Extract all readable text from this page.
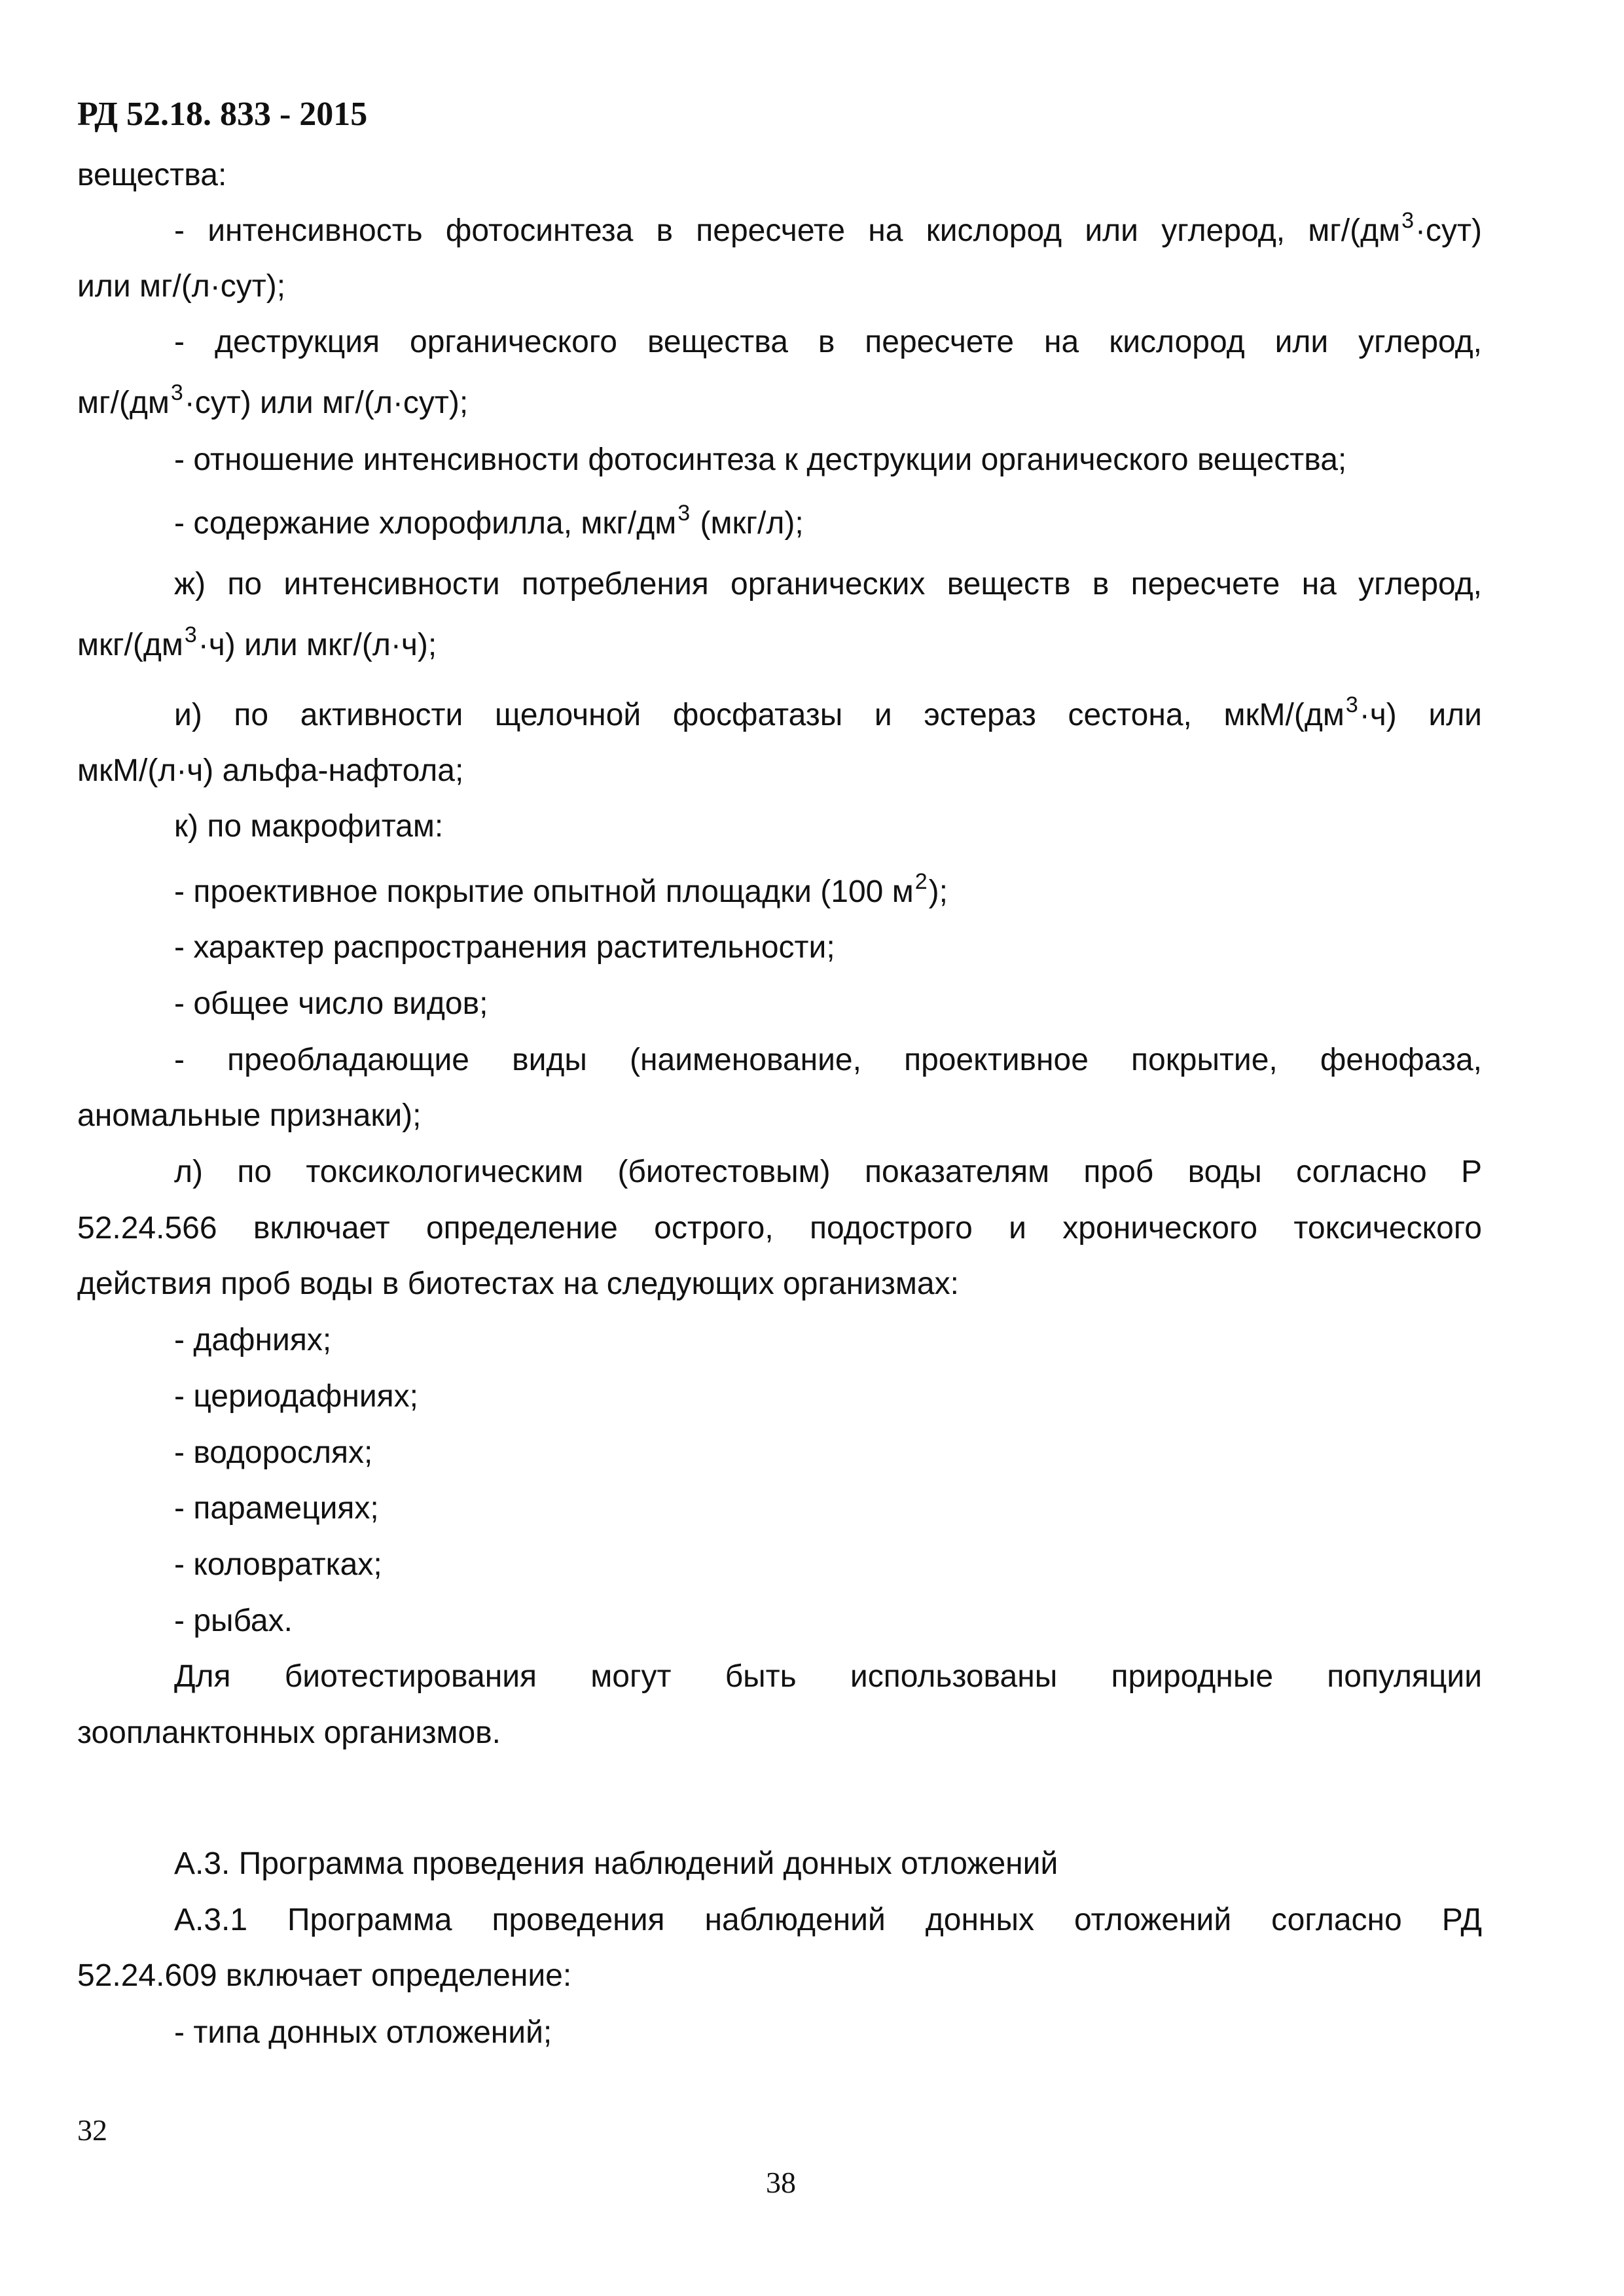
РД 52.18. 833 - 2015
вещества:
- интенсивность фотосинтеза в пересчете на кислород или углерод, $мг/(дм^3\cdot сут)$
или мг/(л·сут);
- деструкция органического вещества в пересчете на кислород или углерод,
$мг/(дм^3\cdot сут)$ или мг/(л·сут);
- отношение интенсивности фотосинтеза к деструкции органического вещества;
- содержание хлорофилла, мкг/$дм^3$ (мкг/л);
ж) по интенсивности потребления органических веществ в пересчете на углерод,
мкг/$(дм^3\cdot ч)$ или мкг/(л·ч);
и) по активности щелочной фосфатазы и эстераз сестона, мкМ/$(дм^3\cdot ч)$ или
мкМ/(л·ч) альфа-нафтола;
к) по макрофитам:
- проективное покрытие опытной площадки (100 $м^2$);
- характер распространения растительности;
- общее число видов;
- преобладающие виды (наименование, проективное покрытие, фенофаза,
аномальные признаки);
л) по токсикологическим (биотестовым) показателям проб воды согласно Р
52.24.566 включает определение острого, подострого и хронического токсического
действия проб воды в биотестах на следующих организмах:
- дафниях;
- цериодафниях;
- водорослях;
- парамециях;
- коловратках;
- рыбах.
Для биотестирования могут быть использованы природные популяции
зоопланктонных организмов.
А.3. Программа проведения наблюдений донных отложений
А.3.1 Программа проведения наблюдений донных отложений согласно РД
52.24.609 включает определение:
- типа донных отложений;
32
38
